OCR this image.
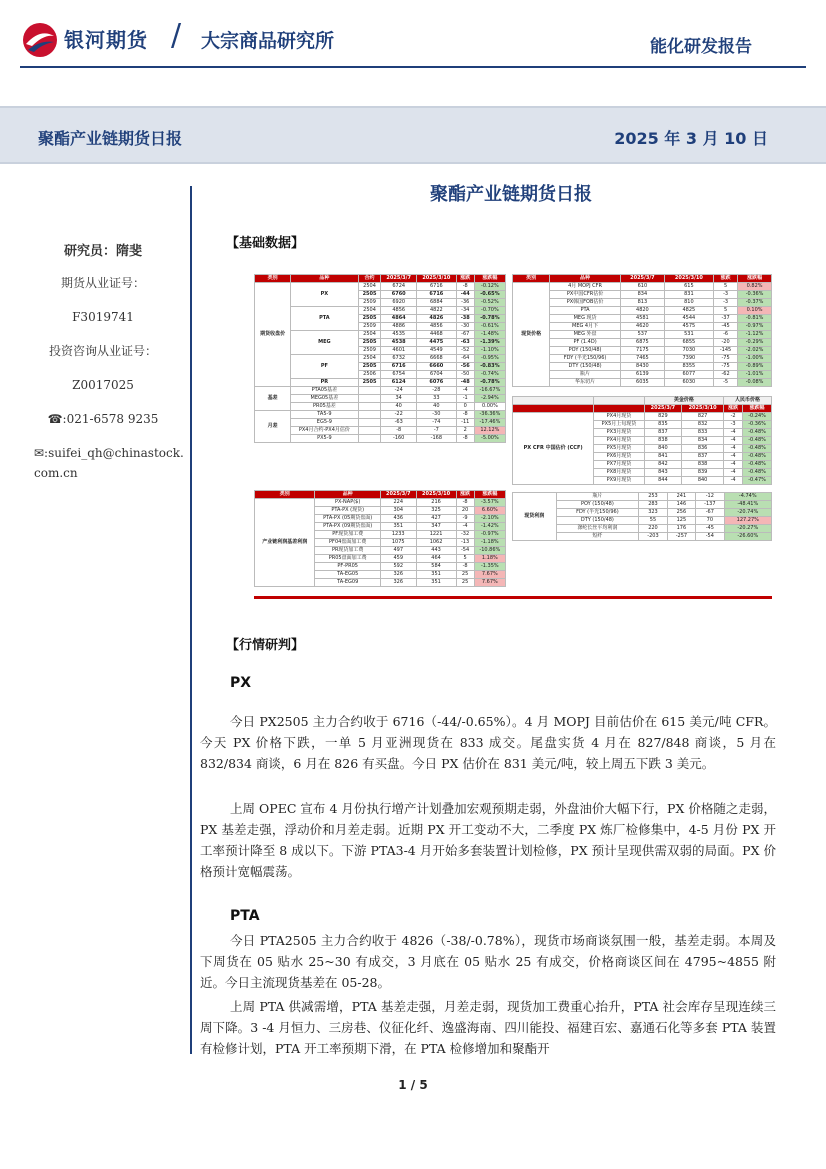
银河期货 / 大宗商品研究所	能化研发报告
聚酯产业链期货日报	2025 年 3 月 10 日
研究员：隋斐
期货从业证号：
F3019741
投资咨询从业证号：
Z0017025
☎:021-6578 9235
✉:suifei_qh@chinastock.com.cn
聚酯产业链期货日报
【基础数据】
类别	品种	合约	2025/3/7	2025/3/10	涨跌	涨跌幅
期货收盘价	PX	2504	6724	6716	-8	-0.12%
		2505	6760	6716	-44	-0.65%
		2509	6920	6884	-36	-0.52%
	PTA	2504	4856	4822	-34	-0.70%
		2505	4864	4826	-38	-0.78%
		2509	4886	4856	-30	-0.61%
	MEG	2504	4535	4468	-67	-1.48%
		2505	4538	4475	-63	-1.39%
		2509	4601	4549	-52	-1.10%
	PF	2504	6732	6668	-64	-0.95%
		2505	6716	6660	-56	-0.83%
		2506	6754	6704	-50	-0.74%
	PR	2505	6124	6076	-48	-0.78%
基差	PTA05基差		-24	-28	-4	-16.67%
	MEG05基差		34	33	-1	-2.94%
	PR05基差		40	40	0	0.00%
月差	TA5-9		-22	-30	-8	-36.36%
	EG5-9		-63	-74	-11	-17.46%
	PX4月合约-PX4月估价		-8	-7	2	12.12%
	PX5-9		-160	-168	-8	-5.00%
类别	品种	2025/3/7	2025/3/10	涨跌	涨跌幅
现货价格	4月 MOPJ CFR	610	615	5	0.82%
	PX中国CFR估价	834	831	-3	-0.36%
	PX韩国FOB估价	813	810	-3	-0.37%
	PTA	4820	4825	5	0.10%
	MEG 现货	4581	4544	-37	-0.81%
	MEG 4月下	4620	4575	-45	-0.97%
	MEG 外盘	537	531	-6	-1.12%
	PF (1.4D)	6875	6855	-20	-0.29%
	POY (150/48)	7175	7030	-145	-2.02%
	FDY (半光150/96)	7465	7390	-75	-1.00%
	DTY (150/48)	8430	8355	-75	-0.89%
	瓶片	6139	6077	-62	-1.01%
	华东切片	6035	6030	-5	-0.08%
		美金价格		人民币价格	
		2025/3/7	2025/3/10	涨跌	涨跌幅
PX CFR 中国估价 (CCF)	PX4月现货	829	827	-2	-0.24%
	PX5月上旬现货	835	832	-3	-0.36%
	PX3月现货	837	833	-4	-0.48%
	PX4月现货	838	834	-4	-0.48%
	PX5月现货	840	836	-4	-0.48%
	PX6月现货	841	837	-4	-0.48%
	PX7月现货	842	838	-4	-0.48%
	PX8月现货	843	839	-4	-0.48%
	PX9月现货	844	840	-4	-0.47%
类别	品种	2025/3/7	2025/3/10	涨跌	涨跌幅
产业链利润基差利润	PX-NAP($)	224	216	-8	-3.57%
	PTA-PX (现货)	304	325	20	6.60%
	PTA-PX (05期货盘面)	436	427	-9	-2.10%
	PTA-PX (09期货盘面)	351	347	-4	-1.42%
	PF现货加工费	1233	1221	-32	-0.97%
	PF04盘面加工费	1075	1062	-13	-1.18%
	PR现货加工费	497	443	-54	-10.86%
	PR05盘面加工费	459	464	5	1.18%
	PF-PR05	592	584	-8	-1.35%
	TA-EG05	326	351	25	7.67%
	TA-EG09	326	351	25	7.67%
现货利润	瓶片	253	241	-12	-4.74%
	POY (150/48)	283	146	-137	-48.41%
	FDY (半光150/96)	323	256	-67	-20.74%
	DTY (150/48)	55	125	70	127.27%
	涤纶长丝平均利润	220	176	-45	-20.27%
	短纤	-203	-257	-54	-26.60%
【行情研判】
PX

今日 PX2505 主力合约收于 6716（-44/-0.65%）。4 月 MOPJ 目前估价在 615 美元/吨 CFR。今天 PX 价格下跌，一单 5 月亚洲现货在 833 成交。尾盘实货 4 月在 827/848 商谈，5 月在 832/834 商谈，6 月在 826 有买盘。今日 PX 估价在 831 美元/吨，较上周五下跌 3 美元。

上周 OPEC 宣布 4 月份执行增产计划叠加宏观预期走弱，外盘油价大幅下行，PX 价格随之走弱，PX 基差走强，浮动价和月差走弱。近期 PX 开工变动不大，二季度 PX 炼厂检修集中，4-5 月份 PX 开工率预计降至 8 成以下。下游 PTA3-4 月开始多套装置计划检修，PX 预计呈现供需双弱的局面。PX 价格预计宽幅震荡。

PTA

今日 PTA2505 主力合约收于 4826（-38/-0.78%），现货市场商谈氛围一般，基差走弱。本周及下周货在 05 贴水 25~30 有成交，3 月底在 05 贴水 25 有成交，价格商谈区间在 4795~4855 附近。今日主流现货基差在 05-28。

上周 PTA 供减需增，PTA 基差走强，月差走弱，现货加工费重心抬升，PTA 社会库存呈现连续三周下降。3 -4 月恒力、三房巷、仪征化纤、逸盛海南、四川能投、福建百宏、嘉通石化等多套 PTA 装置有检修计划，PTA 开工率预期下滑，在 PTA 检修增加和聚酯开

1 / 5
